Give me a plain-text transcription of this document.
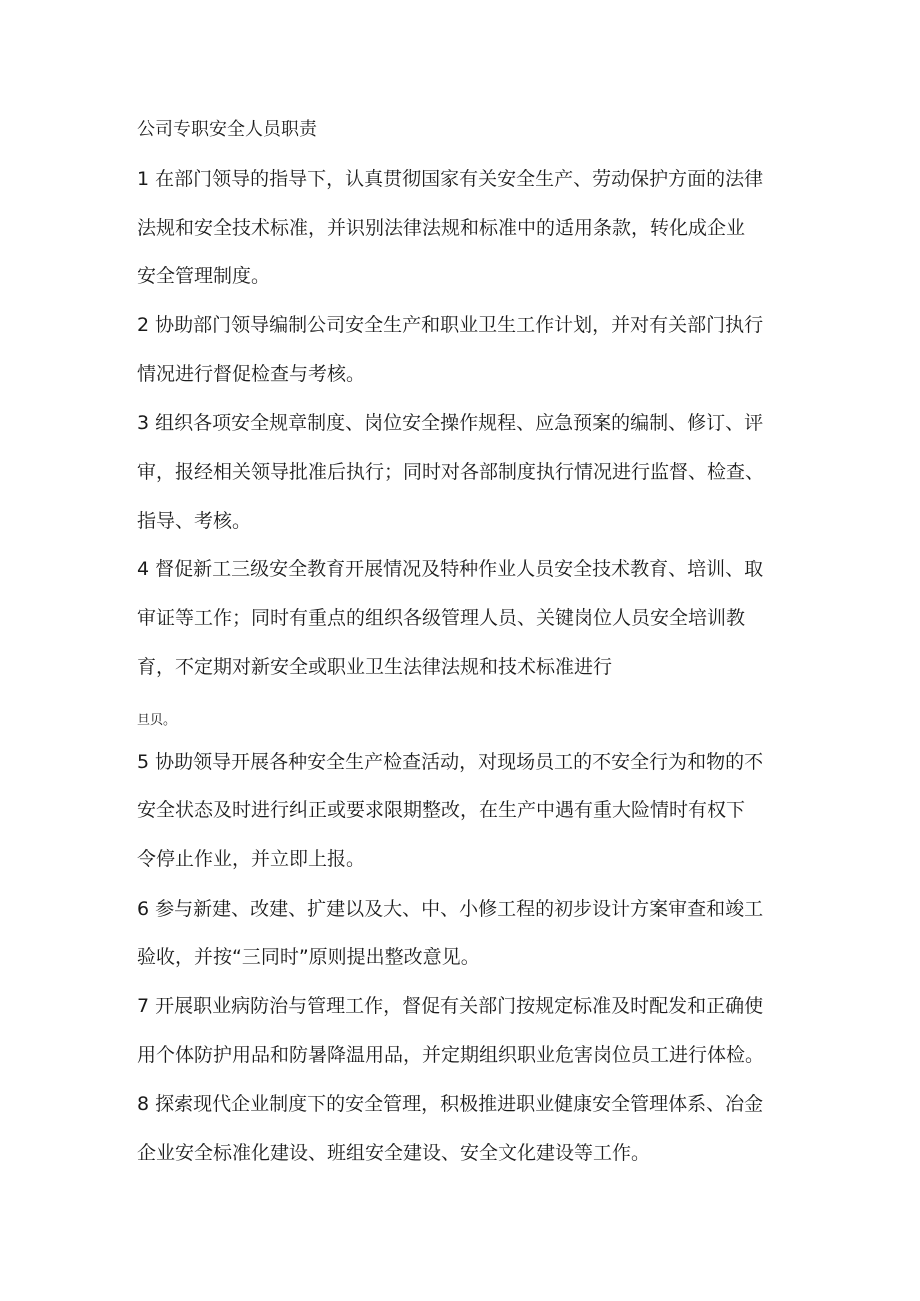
公司专职安全人员职责

1 在部门领导的指导下，认真贯彻国家有关安全生产、劳动保护方面的法律

法规和安全技术标准，并识别法律法规和标准中的适用条款，转化成企业

安全管理制度。

2 协助部门领导编制公司安全生产和职业卫生工作计划，并对有关部门执行

情况进行督促检查与考核。

3 组织各项安全规章制度、岗位安全操作规程、应急预案的编制、修订、评

审，报经相关领导批准后执行；同时对各部制度执行情况进行监督、检查、

指导、考核。

4 督促新工三级安全教育开展情况及特种作业人员安全技术教育、培训、取

审证等工作；同时有重点的组织各级管理人员、关键岗位人员安全培训教

育，不定期对新安全或职业卫生法律法规和技术标准进行

旦贝。

5 协助领导开展各种安全生产检查活动，对现场员工的不安全行为和物的不

安全状态及时进行纠正或要求限期整改，在生产中遇有重大险情时有权下

令停止作业，并立即上报。

6 参与新建、改建、扩建以及大、中、小修工程的初步设计方案审查和竣工

验收，并按“三同时”原则提出整改意见。

7 开展职业病防治与管理工作，督促有关部门按规定标准及时配发和正确使

用个体防护用品和防暑降温用品，并定期组织职业危害岗位员工进行体检。

8 探索现代企业制度下的安全管理，积极推进职业健康安全管理体系、冶金

企业安全标准化建设、班组安全建设、安全文化建设等工作。
